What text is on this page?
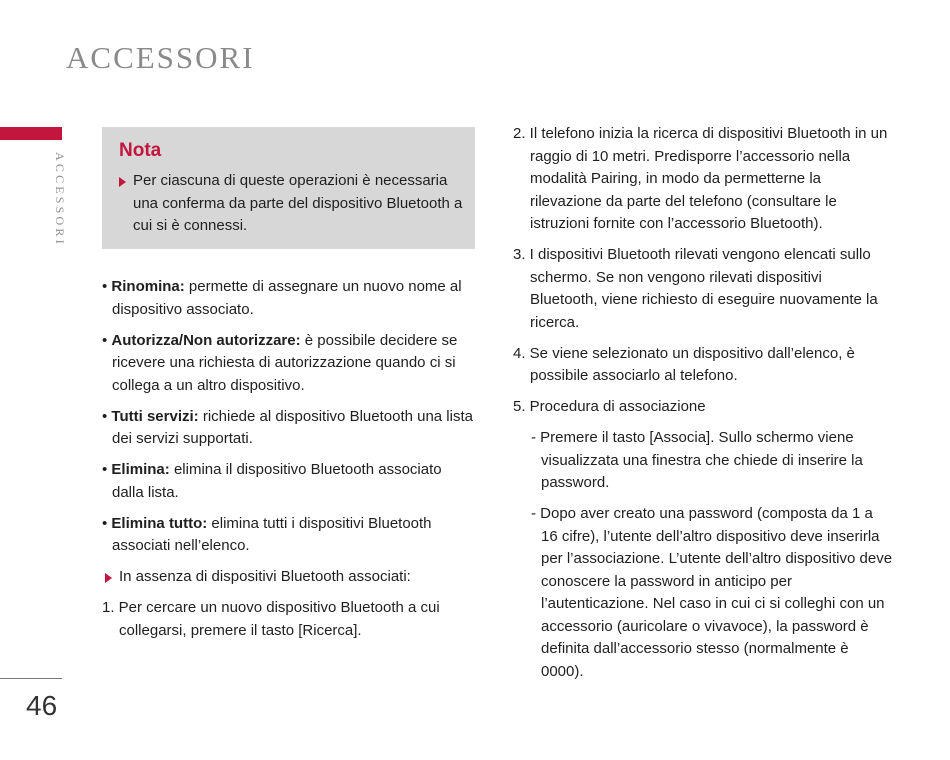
ACCESSORI
ACCESSORI
46
Nota
Per ciascuna di queste operazioni è necessaria una conferma da parte del dispositivo Bluetooth a cui si è connessi.
• Rinomina: permette di assegnare un nuovo nome al dispositivo associato.
• Autorizza/Non autorizzare: è possibile decidere se ricevere una richiesta di autorizzazione quando ci si collega a un altro dispositivo.
• Tutti servizi: richiede al dispositivo Bluetooth una lista dei servizi supportati.
• Elimina: elimina il dispositivo Bluetooth associato dalla lista.
• Elimina tutto: elimina tutti i dispositivi Bluetooth associati nell’elenco.
In assenza di dispositivi Bluetooth associati:
1. Per cercare un nuovo dispositivo Bluetooth a cui collegarsi, premere il tasto [Ricerca].
2. Il telefono inizia la ricerca di dispositivi Bluetooth in un raggio di 10 metri. Predisporre l’accessorio nella modalità Pairing, in modo da permetterne la rilevazione da parte del telefono (consultare le istruzioni fornite con l’accessorio Bluetooth).
3. I dispositivi Bluetooth rilevati vengono elencati sullo schermo. Se non vengono rilevati dispositivi Bluetooth, viene richiesto di eseguire nuovamente la ricerca.
4. Se viene selezionato un dispositivo dall’elenco, è possibile associarlo al telefono.
5. Procedura di associazione
- Premere il tasto [Associa]. Sullo schermo viene visualizzata una finestra che chiede di inserire la password.
- Dopo aver creato una password (composta da 1 a 16 cifre), l’utente dell’altro dispositivo deve inserirla per l’associazione. L’utente dell’altro dispositivo deve conoscere la password in anticipo per l’autenticazione. Nel caso in cui ci si colleghi con un accessorio (auricolare o vivavoce), la password è definita dall’accessorio stesso (normalmente è 0000).
